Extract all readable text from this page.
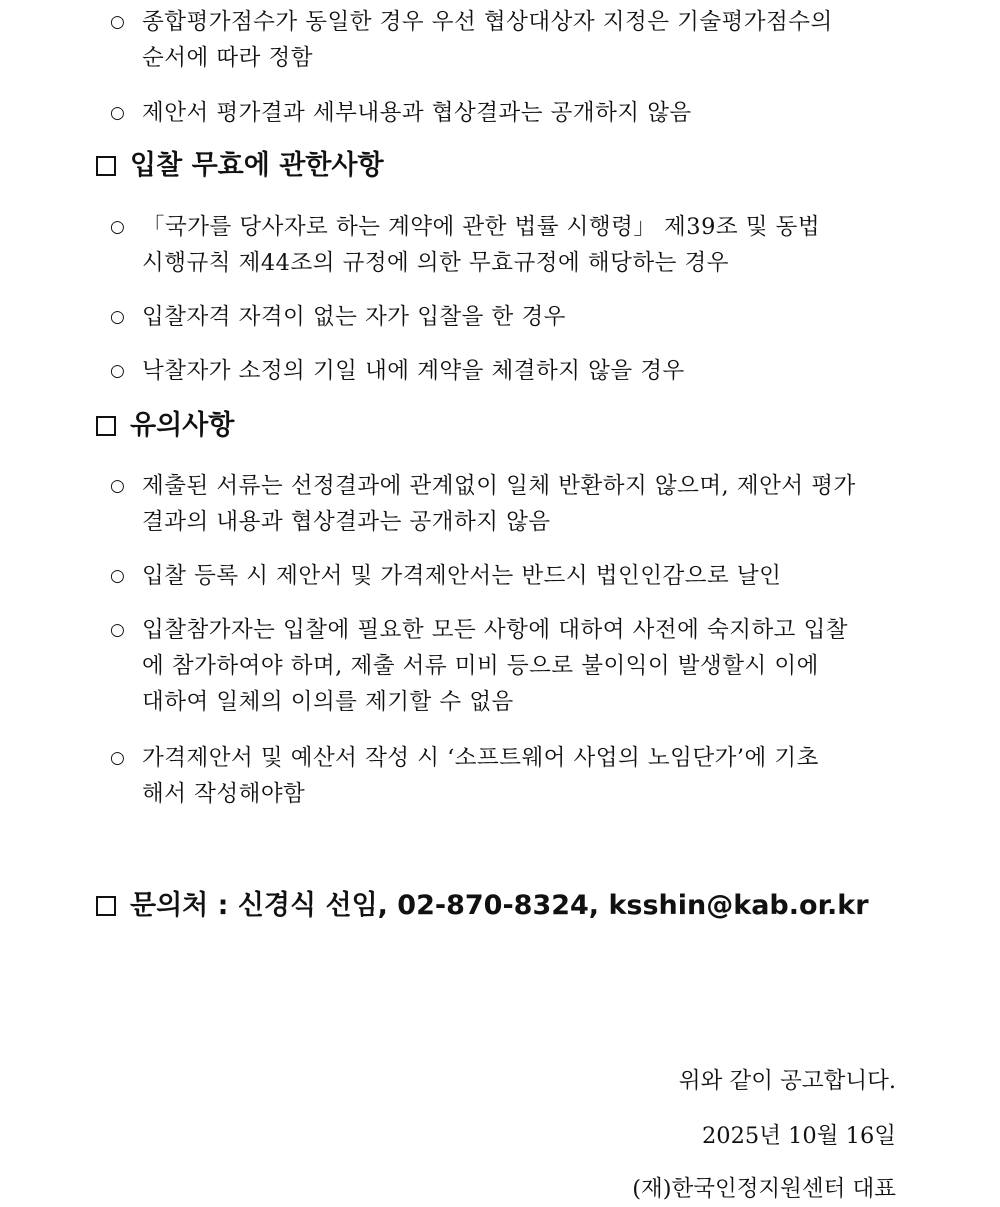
○ 종합평가점수가 동일한 경우 우선 협상대상자 지정은 기술평가점수의
순서에 따라 정함
○ 제안서 평가결과 세부내용과 협상결과는 공개하지 않음
입찰 무효에 관한사항
○ 「국가를 당사자로 하는 계약에 관한 법률 시행령」 제39조 및 동법
시행규칙 제44조의 규정에 의한 무효규정에 해당하는 경우
○ 입찰자격 자격이 없는 자가 입찰을 한 경우
○ 낙찰자가 소정의 기일 내에 계약을 체결하지 않을 경우
유의사항
○ 제출된 서류는 선정결과에 관계없이 일체 반환하지 않으며, 제안서 평가
결과의 내용과 협상결과는 공개하지 않음
○ 입찰 등록 시 제안서 및 가격제안서는 반드시 법인인감으로 날인
○ 입찰참가자는 입찰에 필요한 모든 사항에 대하여 사전에 숙지하고 입찰
에 참가하여야 하며, 제출 서류 미비 등으로 불이익이 발생할시 이에
대하여 일체의 이의를 제기할 수 없음
○ 가격제안서 및 예산서 작성 시 ‘소프트웨어 사업의 노임단가’에 기초
해서 작성해야함
문의처 : 신경식 선임, 02-870-8324, ksshin@kab.or.kr
위와 같이 공고합니다.
2025년 10월 16일
(재)한국인정지원센터 대표
